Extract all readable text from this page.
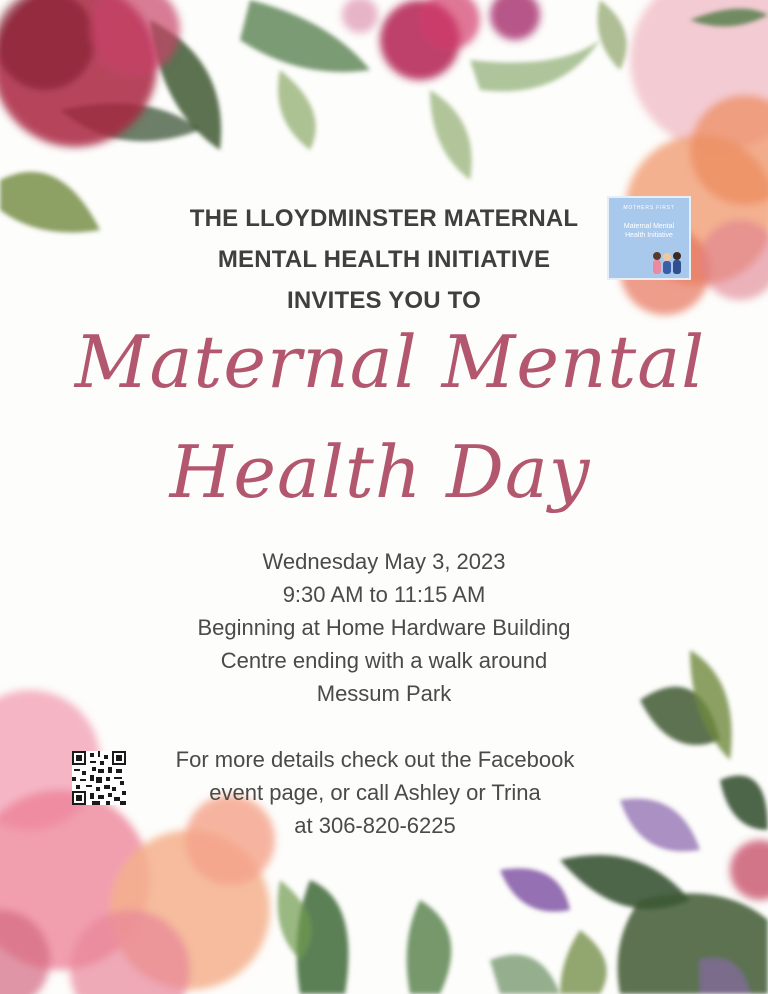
THE LLOYDMINSTER MATERNAL
MENTAL HEALTH INITIATIVE
INVITES YOU TO
MOTHERS FIRST
Maternal Mental
Health Initiative
Maternal Mental
Health Day
Wednesday May 3, 2023
9:30 AM to 11:15 AM
Beginning at Home Hardware Building
Centre ending with a walk around
Messum Park
For more details check out the Facebook
event page, or call Ashley or Trina
at 306-820-6225
